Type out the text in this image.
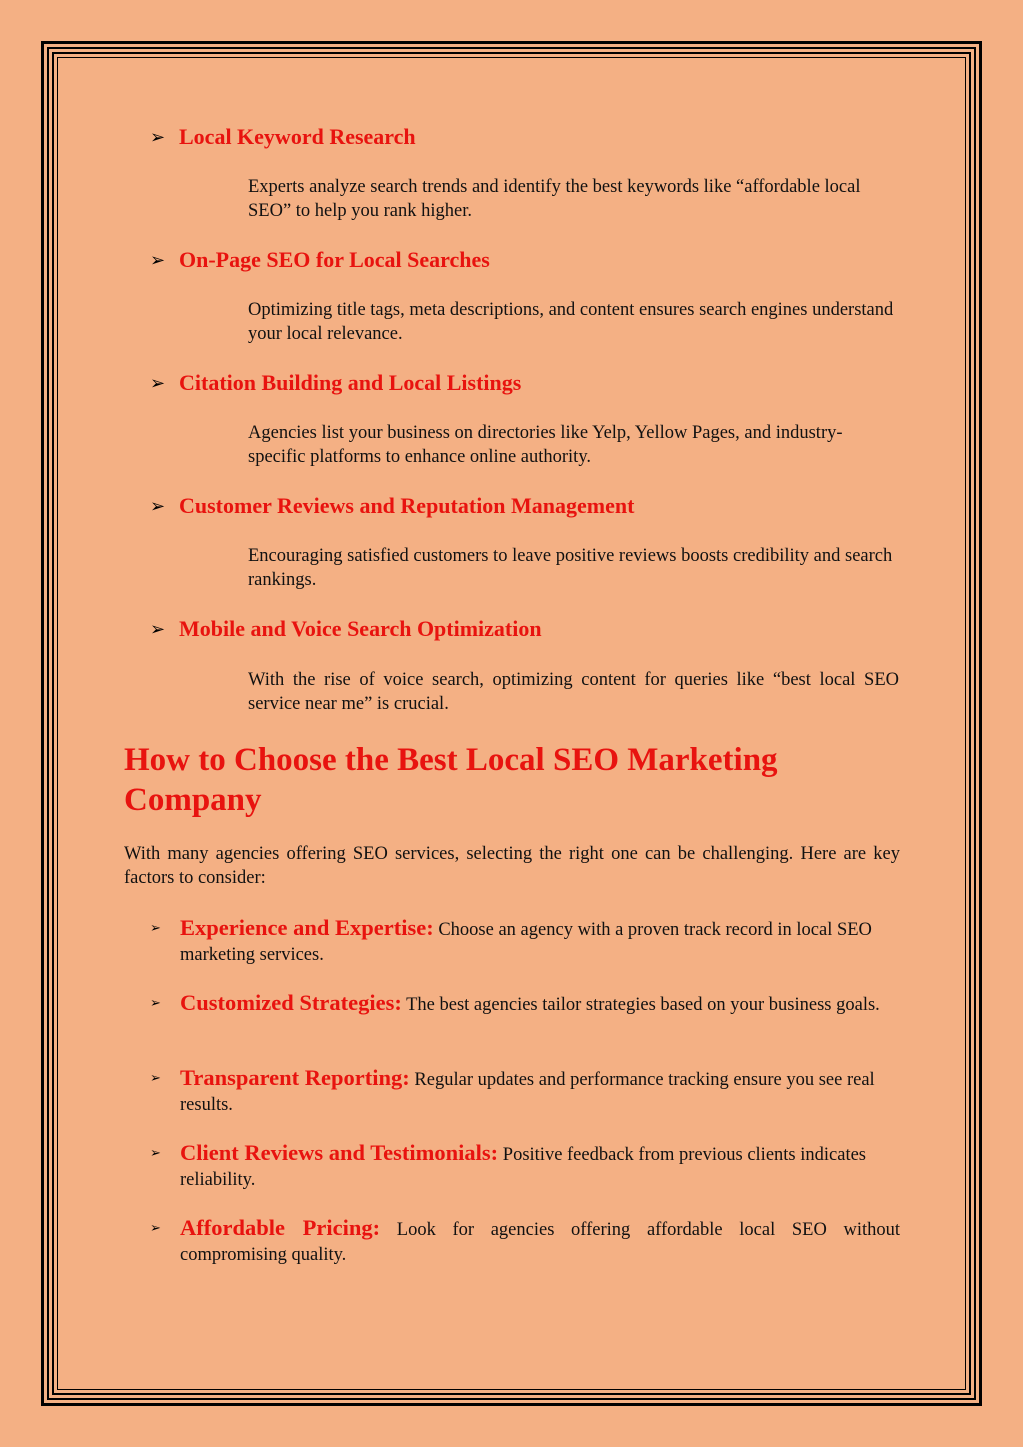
➢ Local Keyword Research
Experts analyze search trends and identify the best keywords like “affordable local SEO” to help you rank higher.
➢ On-Page SEO for Local Searches
Optimizing title tags, meta descriptions, and content ensures search engines understand your local relevance.
➢ Citation Building and Local Listings
Agencies list your business on directories like Yelp, Yellow Pages, and industry-specific platforms to enhance online authority.
➢ Customer Reviews and Reputation Management
Encouraging satisfied customers to leave positive reviews boosts credibility and search rankings.
➢ Mobile and Voice Search Optimization
With the rise of voice search, optimizing content for queries like “best local SEO service near me” is crucial.
How to Choose the Best Local SEO Marketing Company

With many agencies offering SEO services, selecting the right one can be challenging. Here are key factors to consider:

➢ Experience and Expertise: Choose an agency with a proven track record in local SEO marketing services.
➢ Customized Strategies: The best agencies tailor strategies based on your business goals.
➢ Transparent Reporting: Regular updates and performance tracking ensure you see real results.
➢ Client Reviews and Testimonials: Positive feedback from previous clients indicates reliability.
➢ Affordable Pricing: Look for agencies offering affordable local SEO without compromising quality.
